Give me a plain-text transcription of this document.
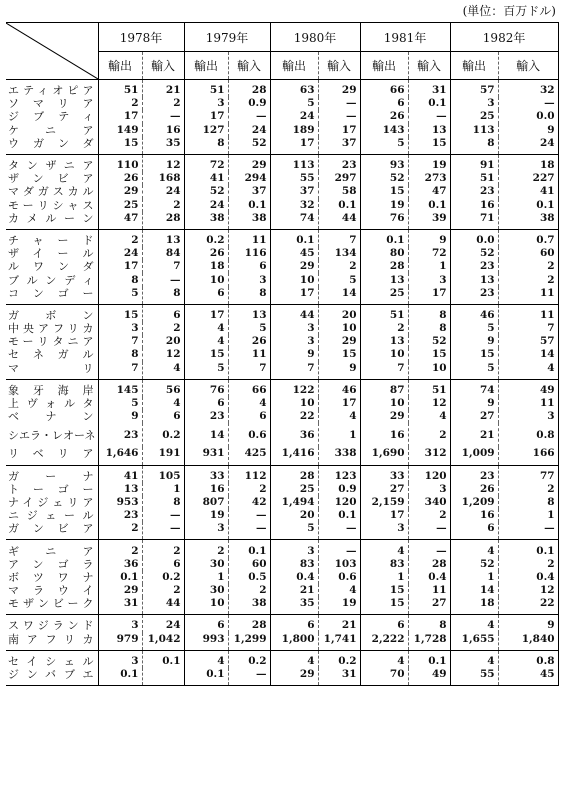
(単位：百万ドル)
	1978年		1979年		1980年		1981年		1982年	
	輸出	輸入	輸出	輸入	輸出	輸入	輸出	輸入	輸出	輸入
エティオピア	51	21	51	28	63	29	66	31	57	32
ソマリア	2	2	3	0.9	5	—	6	0.1	3	—
ジブティ	17	—	17	—	24	—	26	—	25	0.0
ケニア	149	16	127	24	189	17	143	13	113	9
ウガンダ	15	35	8	52	17	37	5	15	8	24
タンザニア	110	12	72	29	113	23	93	19	91	18
ザンビア	26	168	41	294	55	297	52	273	51	227
マダガスカル	29	24	52	37	37	58	15	47	23	41
モーリシャス	25	2	24	0.1	32	0.1	19	0.1	16	0.1
カメルーン	47	28	38	38	74	44	76	39	71	38
チャード	2	13	0.2	11	0.1	7	0.1	9	0.0	0.7
ザイール	24	84	26	116	45	134	80	72	52	60
ルワンダ	17	7	18	6	29	2	28	1	23	2
ブルンディ	8	—	10	3	10	5	13	3	13	2
コンゴー	5	8	6	8	17	14	25	17	23	11
ガボン	15	6	17	13	44	20	51	8	46	11
中央アフリカ	3	2	4	5	3	10	2	8	5	7
モーリタニア	7	20	4	26	3	29	13	52	9	57
セネガル	8	12	15	11	9	15	10	15	15	14
マリ	7	4	5	7	7	9	7	10	5	4
象牙海岸	145	56	76	66	122	46	87	51	74	49
上ヴォルタ	5	4	6	4	10	17	10	12	9	11
ベナン	9	6	23	6	22	4	29	4	27	3
シエラ・レオーネ	23	0.2	14	0.6	36	1	16	2	21	0.8
リベリア	1,646	191	931	425	1,416	338	1,690	312	1,009	166
ガーナ	41	105	33	112	28	123	33	120	23	77
トーゴー	13	1	16	2	25	0.9	27	3	26	2
ナイジェリア	953	8	807	42	1,494	120	2,159	340	1,209	8
ニジェール	23	—	19	—	20	0.1	17	2	16	1
ガンビア	2	—	3	—	5	—	3	—	6	—
ギニア	2	2	2	0.1	3	—	4	—	4	0.1
アンゴラ	36	6	30	60	83	103	83	28	52	2
ボツワナ	0.1	0.2	1	0.5	0.4	0.6	1	0.4	1	0.4
マラウイ	29	2	30	2	21	4	15	11	14	12
モザンビーク	31	44	10	38	35	19	15	27	18	22
スワジランド	3	24	6	28	6	21	6	8	4	9
南アフリカ	979	1,042	993	1,299	1,800	1,741	2,222	1,728	1,655	1,840
セイシェル	3	0.1	4	0.2	4	0.2	4	0.1	4	0.8
ジンバブエ	0.1		0.1	—	29	31	70	49	55	45
